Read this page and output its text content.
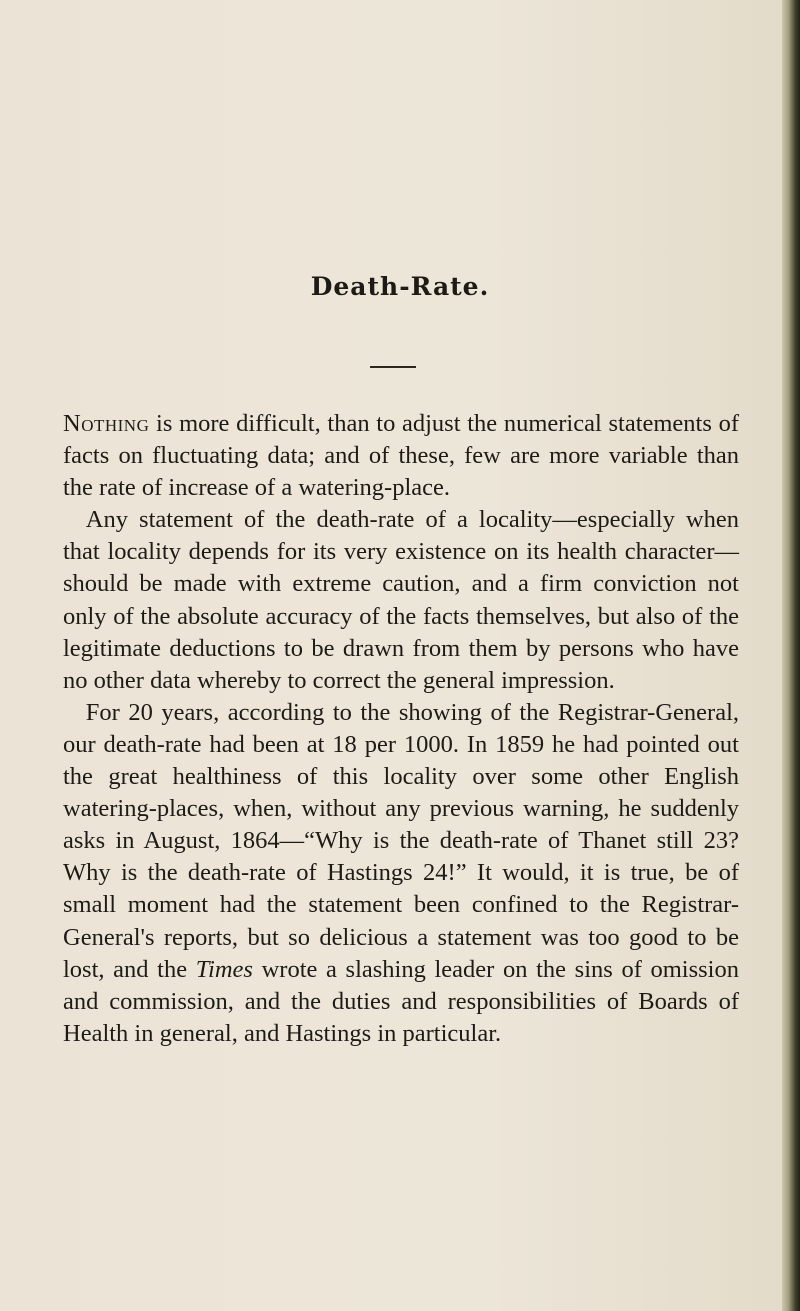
Death-Rate.

Nothing is more difficult, than to adjust the numerical statements of facts on fluctuating data; and of these, few are more variable than the rate of increase of a watering-place.

Any statement of the death-rate of a locality—especially when that locality depends for its very existence on its health character—should be made with extreme caution, and a firm conviction not only of the absolute accuracy of the facts themselves, but also of the legitimate deductions to be drawn from them by persons who have no other data whereby to correct the general impression.

For 20 years, according to the showing of the Registrar-General, our death-rate had been at 18 per 1000. In 1859 he had pointed out the great healthiness of this locality over some other English watering-places, when, without any previous warning, he suddenly asks in August, 1864—“Why is the death-rate of Thanet still 23? Why is the death-rate of Hastings 24!” It would, it is true, be of small moment had the statement been confined to the Registrar-General's reports, but so delicious a statement was too good to be lost, and the Times wrote a slashing leader on the sins of omission and commission, and the duties and responsibilities of Boards of Health in general, and Hastings in particular.
